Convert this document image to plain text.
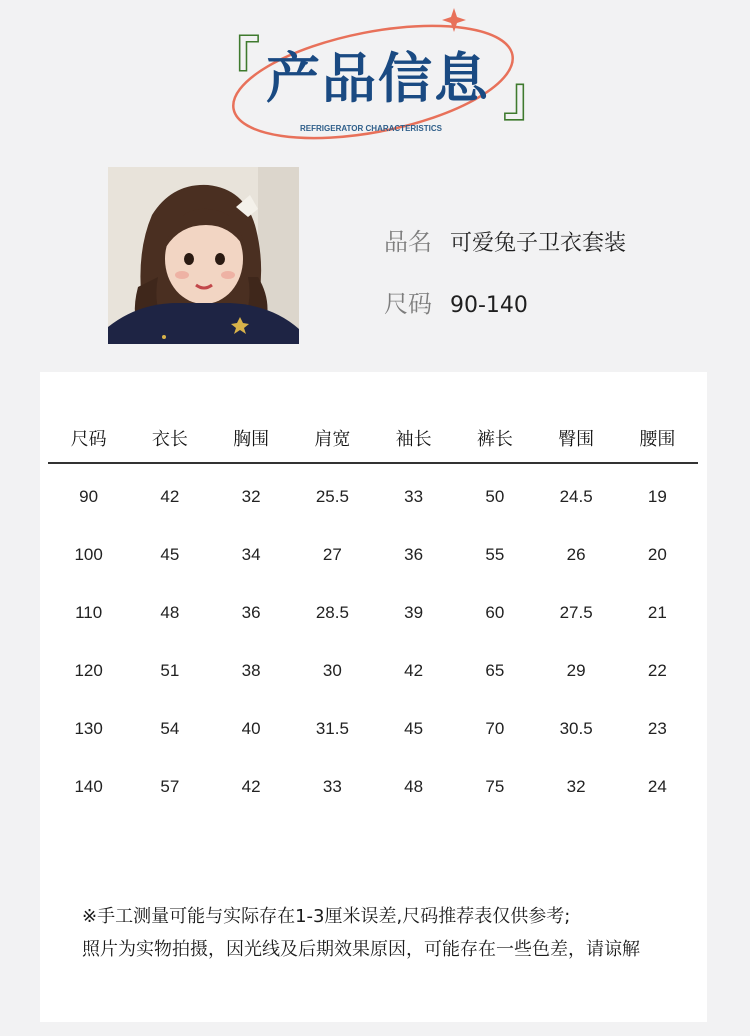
『 产品信息 』
REFRIGERATOR CHARACTERISTICS
品名 可爱兔子卫衣套装
尺码 90-140
尺码	衣长	胸围	肩宽	袖长	裤长	臀围	腰围
90	42	32	25.5	33	50	24.5	19
100	45	34	27	36	55	26	20
110	48	36	28.5	39	60	27.5	21
120	51	38	30	42	65	29	22
130	54	40	31.5	45	70	30.5	23
140	57	42	33	48	75	32	24
※手工测量可能与实际存在1-3厘米误差,尺码推荐表仅供参考;
照片为实物拍摄，因光线及后期效果原因，可能存在一些色差，请谅解
